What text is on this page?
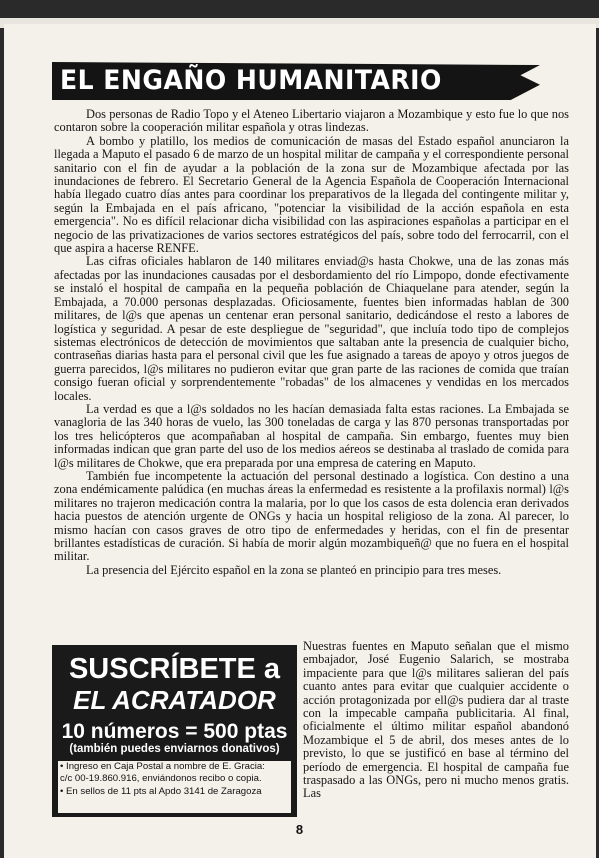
EL ENGAÑO HUMANITARIO

Dos personas de Radio Topo y el Ateneo Libertario viajaron a Mozambique y esto fue lo que nos contaron sobre la cooperación militar española y otras lindezas.

A bombo y platillo, los medios de comunicación de masas del Estado español anunciaron la llegada a Maputo el pasado 6 de marzo de un hospital militar de campaña y el correspondiente personal sanitario con el fin de ayudar a la población de la zona sur de Mozambique afectada por las inundaciones de febrero. El Secretario General de la Agencia Española de Cooperación Internacional había llegado cuatro días antes para coordinar los preparativos de la llegada del contingente militar y, según la Embajada en el país africano, "potenciar la visibilidad de la acción española en esta emergencia". No es difícil relacionar dicha visibilidad con las aspiraciones españolas a participar en el negocio de las privatizaciones de varios sectores estratégicos del país, sobre todo del ferrocarril, con el que aspira a hacerse RENFE.

Las cifras oficiales hablaron de 140 militares enviad@s hasta Chokwe, una de las zonas más afectadas por las inundaciones causadas por el desbordamiento del río Limpopo, donde efectivamente se instaló el hospital de campaña en la pequeña población de Chiaquelane para atender, según la Embajada, a 70.000 personas desplazadas. Oficiosamente, fuentes bien informadas hablan de 300 militares, de l@s que apenas un centenar eran personal sanitario, dedicándose el resto a labores de logística y seguridad. A pesar de este despliegue de "seguridad", que incluía todo tipo de complejos sistemas electrónicos de detección de movimientos que saltaban ante la presencia de cualquier bicho, contraseñas diarias hasta para el personal civil que les fue asignado a tareas de apoyo y otros juegos de guerra parecidos, l@s militares no pudieron evitar que gran parte de las raciones de comida que traían consigo fueran oficial y sorprendentemente "robadas" de los almacenes y vendidas en los mercados locales.

La verdad es que a l@s soldados no les hacían demasiada falta estas raciones. La Embajada se vanagloria de las 340 horas de vuelo, las 300 toneladas de carga y las 870 personas transportadas por los tres helicópteros que acompañaban al hospital de campaña. Sin embargo, fuentes muy bien informadas indican que gran parte del uso de los medios aéreos se destinaba al traslado de comida para l@s militares de Chokwe, que era preparada por una empresa de catering en Maputo.

También fue incompetente la actuación del personal destinado a logística. Con destino a una zona endémicamente palúdica (en muchas áreas la enfermedad es resistente a la profilaxis normal) l@s militares no trajeron medicación contra la malaria, por lo que los casos de esta dolencia eran derivados hacia puestos de atención urgente de ONGs y hacia un hospital religioso de la zona. Al parecer, lo mismo hacían con casos graves de otro tipo de enfermedades y heridas, con el fin de presentar brillantes estadísticas de curación. Si había de morir algún mozambiqueñ@ que no fuera en el hospital militar.

La presencia del Ejército español en la zona se planteó en principio para tres meses.

Nuestras fuentes en Maputo señalan que el mismo embajador, José Eugenio Salarich, se mostraba impaciente para que l@s militares salieran del país cuanto antes para evitar que cualquier accidente o acción protagonizada por ell@s pudiera dar al traste con la impecable campaña publicitaria. Al final, oficialmente el último militar español abandonó Mozambique el 5 de abril, dos meses antes de lo previsto, lo que se justificó en base al término del período de emergencia. El hospital de campaña fue traspasado a las ONGs, pero ni mucho menos gratis. Las

SUSCRÍBETE a
EL ACRATADOR
10 números = 500 ptas
(también puedes enviarnos donativos)
• Ingreso en Caja Postal a nombre de E. Gracia:
c/c 00-19.860.916, enviándonos recibo o copia.
• En sellos de 11 pts al Apdo 3141 de Zaragoza
8
